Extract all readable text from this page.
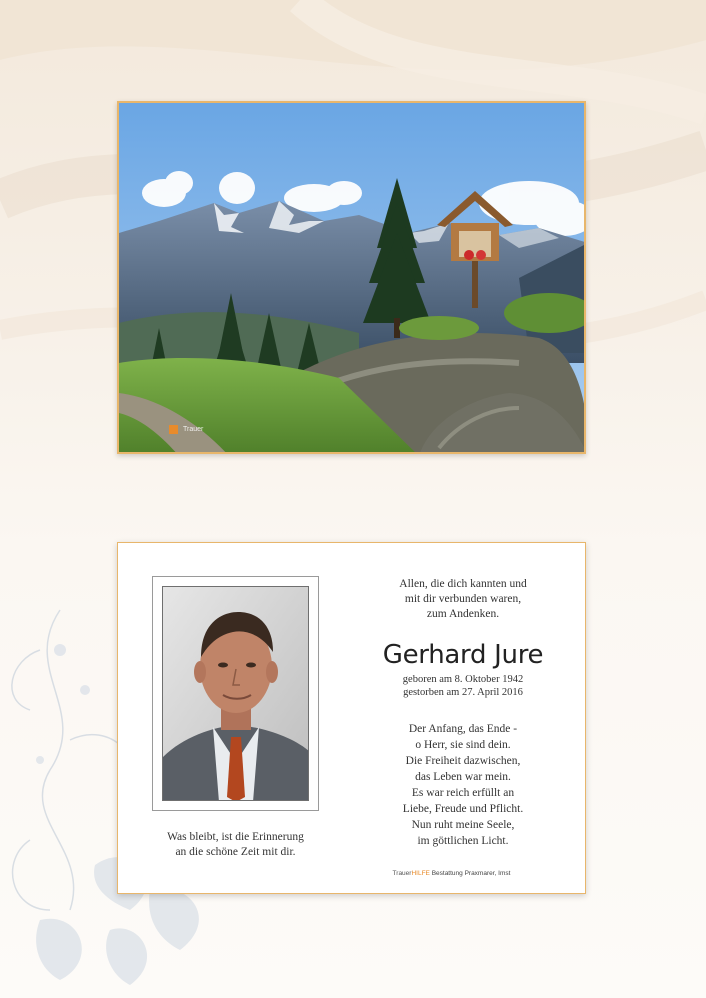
Trauer
Was bleibt, ist die Erinnerung
an die schöne Zeit mit dir.
Allen, die dich kannten und
mit dir verbunden waren,
zum Andenken.
Gerhard Jure
geboren am 8. Oktober 1942
gestorben am 27. April 2016
Der Anfang, das Ende -
o Herr, sie sind dein.
Die Freiheit dazwischen,
das Leben war mein.
Es war reich erfüllt an
Liebe, Freude und Pflicht.
Nun ruht meine Seele,
im göttlichen Licht.
TrauerHILFE Bestattung Praxmarer, Imst
